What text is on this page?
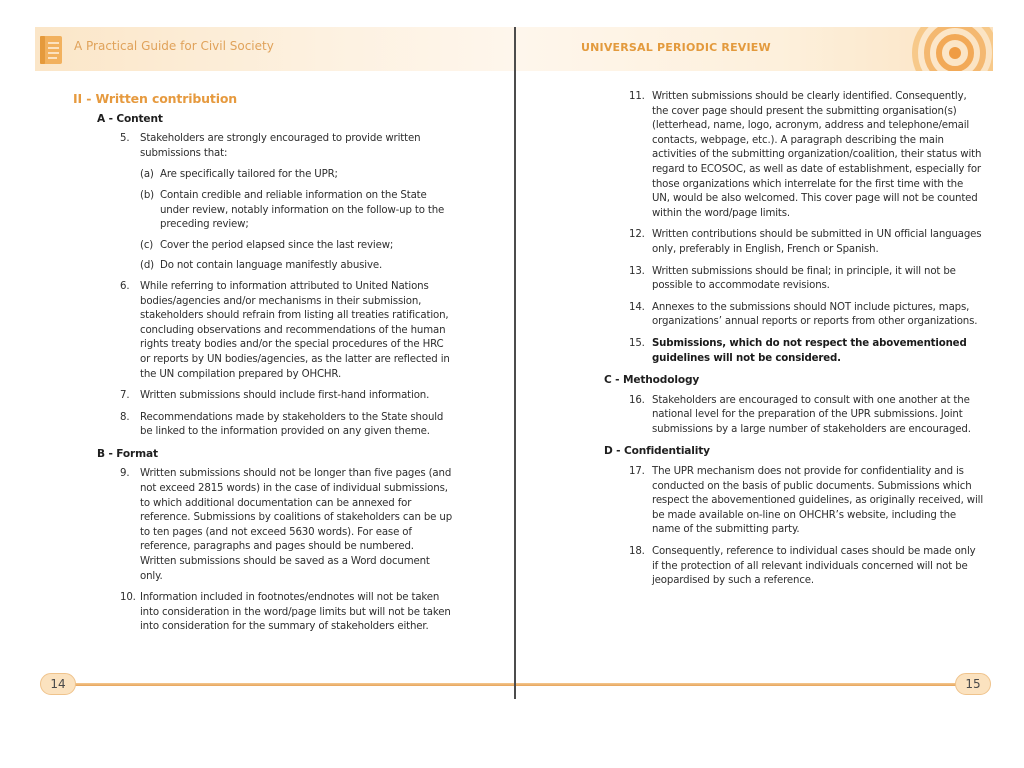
A Practical Guide for Civil Society	UNIVERSAL PERIODIC REVIEW
II - Written contribution
A - Content
5.	Stakeholders are strongly encouraged to provide written submissions that:
(a) Are specifically tailored for the UPR;
(b) Contain credible and reliable information on the State under review, notably information on the follow-up to the preceding review;
(c) Cover the period elapsed since the last review;
(d) Do not contain language manifestly abusive.
6.	While referring to information attributed to United Nations bodies/agencies and/or mechanisms in their submission, stakeholders should refrain from listing all treaties ratification, concluding observations and recommendations of the human rights treaty bodies and/or the special procedures of the HRC or reports by UN bodies/agencies, as the latter are reflected in the UN compilation prepared by OHCHR.
7.	Written submissions should include first-hand information.
8.	Recommendations made by stakeholders to the State should be linked to the information provided on any given theme.
B - Format
9.	Written submissions should not be longer than five pages (and not exceed 2815 words) in the case of individual submissions, to which additional documentation can be annexed for reference. Submissions by coalitions of stakeholders can be up to ten pages (and not exceed 5630 words). For ease of reference, paragraphs and pages should be numbered. Written submissions should be saved as a Word document only.
10. Information included in footnotes/endnotes will not be taken into consideration in the word/page limits but will not be taken into consideration for the summary of stakeholders either.
11. Written submissions should be clearly identified. Consequently, the cover page should present the submitting organisation(s) (letterhead, name, logo, acronym, address and telephone/email contacts, webpage, etc.). A paragraph describing the main activities of the submitting organization/coalition, their status with regard to ECOSOC, as well as date of establishment, especially for those organizations which interrelate for the first time with the UN, would be also welcomed. This cover page will not be counted within the word/page limits.
12. Written contributions should be submitted in UN official languages only, preferably in English, French or Spanish.
13. Written submissions should be final; in principle, it will not be possible to accommodate revisions.
14. Annexes to the submissions should NOT include pictures, maps, organizations’ annual reports or reports from other organizations.
15. Submissions, which do not respect the abovementioned guidelines will not be considered.
C - Methodology
16. Stakeholders are encouraged to consult with one another at the national level for the preparation of the UPR submissions. Joint submissions by a large number of stakeholders are encouraged.
D - Confidentiality
17. The UPR mechanism does not provide for confidentiality and is conducted on the basis of public documents. Submissions which respect the abovementioned guidelines, as originally received, will be made available on-line on OHCHR’s website, including the name of the submitting party.
18. Consequently, reference to individual cases should be made only if the protection of all relevant individuals concerned will not be jeopardised by such a reference.
14	15
